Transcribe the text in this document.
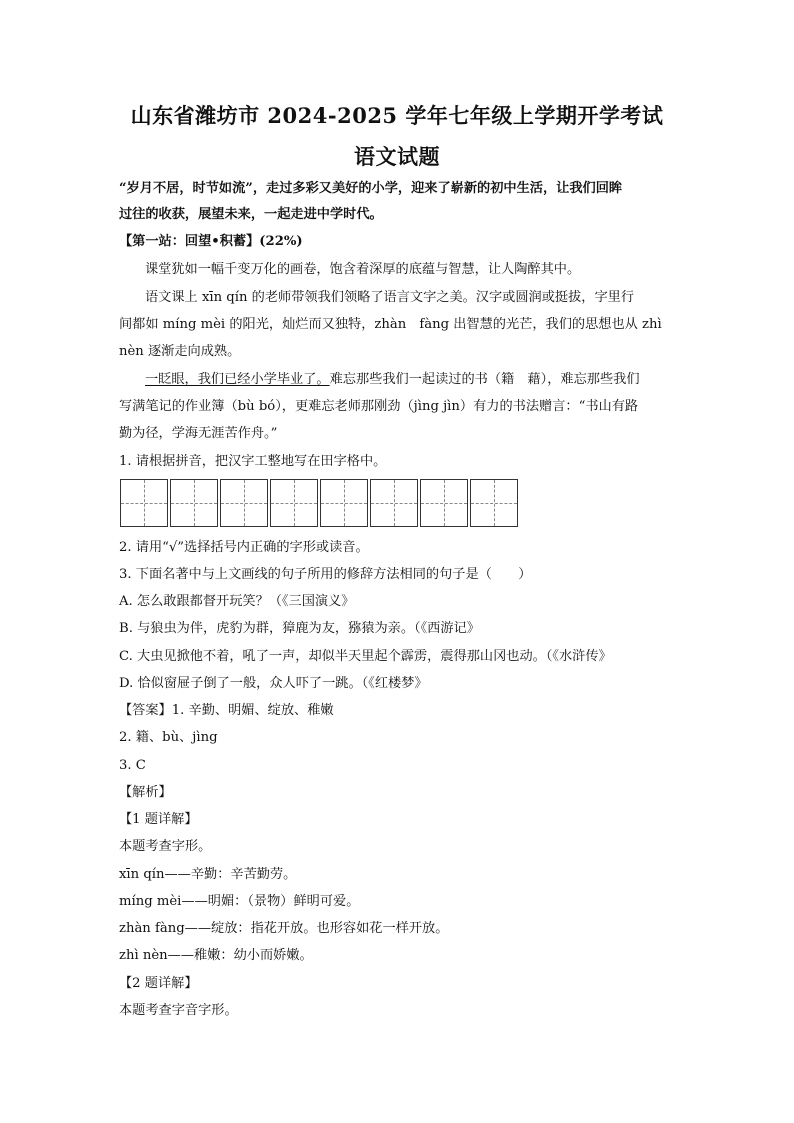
山东省潍坊市 2024-2025 学年七年级上学期开学考试
语文试题
“岁月不居，时节如流”，走过多彩又美好的小学，迎来了崭新的初中生活，让我们回眸
过往的收获，展望未来，一起走进中学时代。
【第一站：回望•积蓄】(22%)
课堂犹如一幅千变万化的画卷，饱含着深厚的底蕴与智慧，让人陶醉其中。
语文课上 xīn qín 的老师带领我们领略了语言文字之美。汉字或圆润或挺拔，字里行
间都如 míng mèi 的阳光，灿烂而又独特，zhàn　fàng 出智慧的光芒，我们的思想也从 zhì
nèn 逐渐走向成熟。
一眨眼，我们已经小学毕业了。难忘那些我们一起读过的书（籍　藉），难忘那些我们
写满笔记的作业簿（bù bó），更难忘老师那刚劲（jìng jìn）有力的书法赠言：“书山有路
勤为径，学海无涯苦作舟。”
1. 请根据拼音，把汉字工整地写在田字格中。
2. 请用“√”选择括号内正确的字形或读音。
3. 下面名著中与上文画线的句子所用的修辞方法相同的句子是（　　）
A. 怎么敢跟都督开玩笑？（《三国演义》
B. 与狼虫为伴，虎豹为群，獐鹿为友，猕猿为亲。（《西游记》
C. 大虫见掀他不着，吼了一声，却似半天里起个霹雳，震得那山冈也动。（《水浒传》
D. 恰似窗屉子倒了一般，众人吓了一跳。（《红楼梦》
【答案】1. 辛勤、明媚、绽放、稚嫩
2. 籍、bù、jìng
3. C
【解析】
【1 题详解】
本题考查字形。
xīn qín——辛勤：辛苦勤劳。
míng mèi——明媚：（景物）鲜明可爱。
zhàn fàng——绽放：指花开放。也形容如花一样开放。
zhì nèn——稚嫩：幼小而娇嫩。
【2 题详解】
本题考查字音字形。
